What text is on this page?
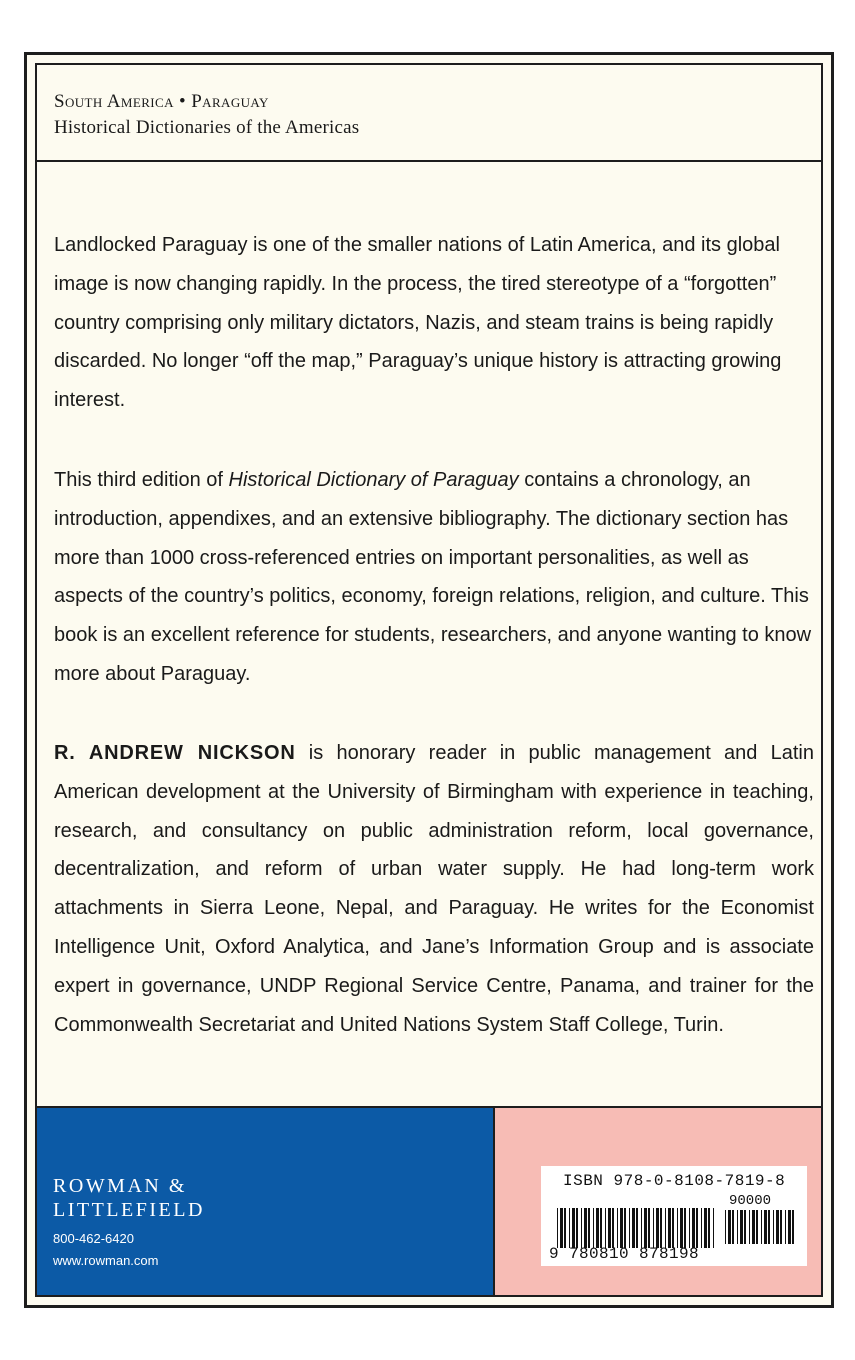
South America • Paraguay
Historical Dictionaries of the Americas

Landlocked Paraguay is one of the smaller nations of Latin America, and its global image is now changing rapidly. In the process, the tired stereotype of a “forgotten” country comprising only military dictators, Nazis, and steam trains is being rapidly discarded. No longer “off the map,” Paraguay’s unique history is attracting growing interest.

This third edition of Historical Dictionary of Paraguay contains a chronology, an introduction, appendixes, and an extensive bibliography. The dictionary section has more than 1000 cross-referenced entries on important personalities, as well as aspects of the country’s politics, economy, foreign relations, religion, and culture. This book is an excellent reference for students, researchers, and anyone wanting to know more about Paraguay.

R. ANDREW NICKSON is honorary reader in public management and Latin American development at the University of Birmingham with experience in teaching, research, and consultancy on public administration reform, local governance, decentralization, and reform of urban water supply. He had long-term work attachments in Sierra Leone, Nepal, and Paraguay. He writes for the Economist Intelligence Unit, Oxford Analytica, and Jane’s Information Group and is associate expert in governance, UNDP Regional Service Centre, Panama, and trainer for the Commonwealth Secretariat and United Nations System Staff College, Turin.

ROWMAN &
LITTLEFIELD
800-462-6420
www.rowman.com
ISBN 978-0-8108-7819-8
90000
9 780810 878198
